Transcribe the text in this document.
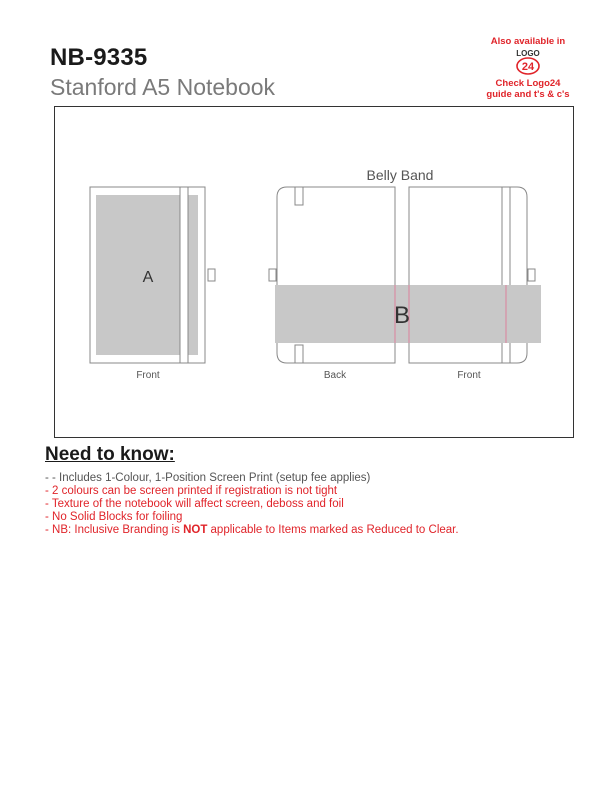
NB-9335
Stanford A5 Notebook
Also available in
LOGO
24
Check Logo24
guide and t's & c's
A
Front
Belly Band
B
Back	Front
Need to know:
- - Includes 1-Colour, 1-Position Screen Print (setup fee applies)
- 2 colours can be screen printed if registration is not tight
- Texture of the notebook will affect screen, deboss and foil
- No Solid Blocks for foiling
- NB: Inclusive Branding is NOT applicable to Items marked as Reduced to Clear.
